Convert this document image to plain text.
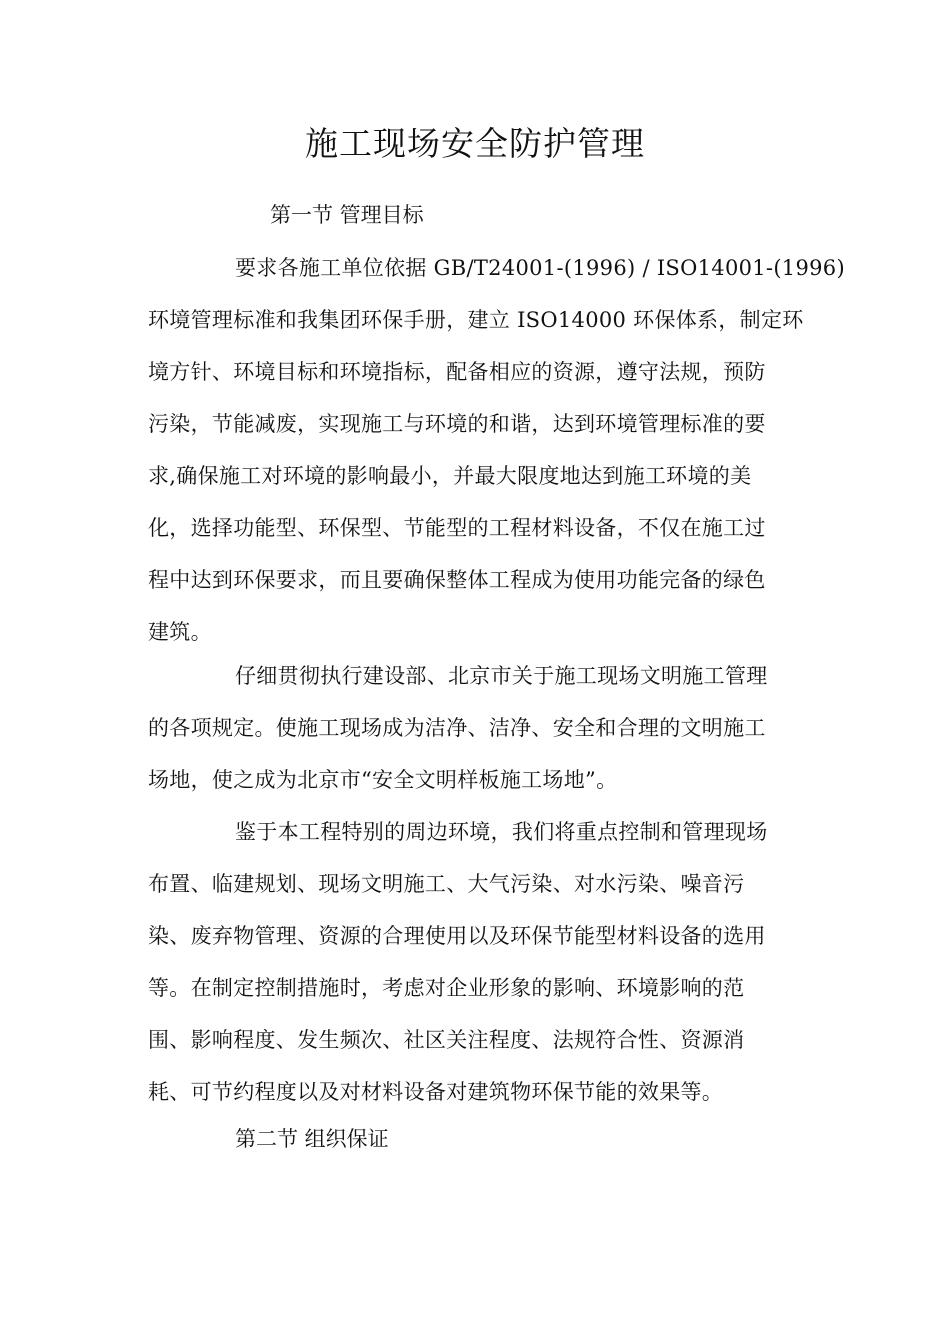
施工现场安全防护管理
第一节 管理目标
要求各施工单位依据 GB/T24001-(1996) / ISO14001-(1996)
环境管理标准和我集团环保手册，建立 ISO14000 环保体系，制定环
境方针、环境目标和环境指标，配备相应的资源，遵守法规，预防
污染，节能减废，实现施工与环境的和谐，达到环境管理标准的要
求,确保施工对环境的影响最小，并最大限度地达到施工环境的美
化，选择功能型、环保型、节能型的工程材料设备，不仅在施工过
程中达到环保要求，而且要确保整体工程成为使用功能完备的绿色
建筑。
仔细贯彻执行建设部、北京市关于施工现场文明施工管理
的各项规定。使施工现场成为洁净、洁净、安全和合理的文明施工
场地，使之成为北京市“安全文明样板施工场地”。
鉴于本工程特别的周边环境，我们将重点控制和管理现场
布置、临建规划、现场文明施工、大气污染、对水污染、噪音污
染、废弃物管理、资源的合理使用以及环保节能型材料设备的选用
等。在制定控制措施时，考虑对企业形象的影响、环境影响的范
围、影响程度、发生频次、社区关注程度、法规符合性、资源消
耗、可节约程度以及对材料设备对建筑物环保节能的效果等。
第二节 组织保证
